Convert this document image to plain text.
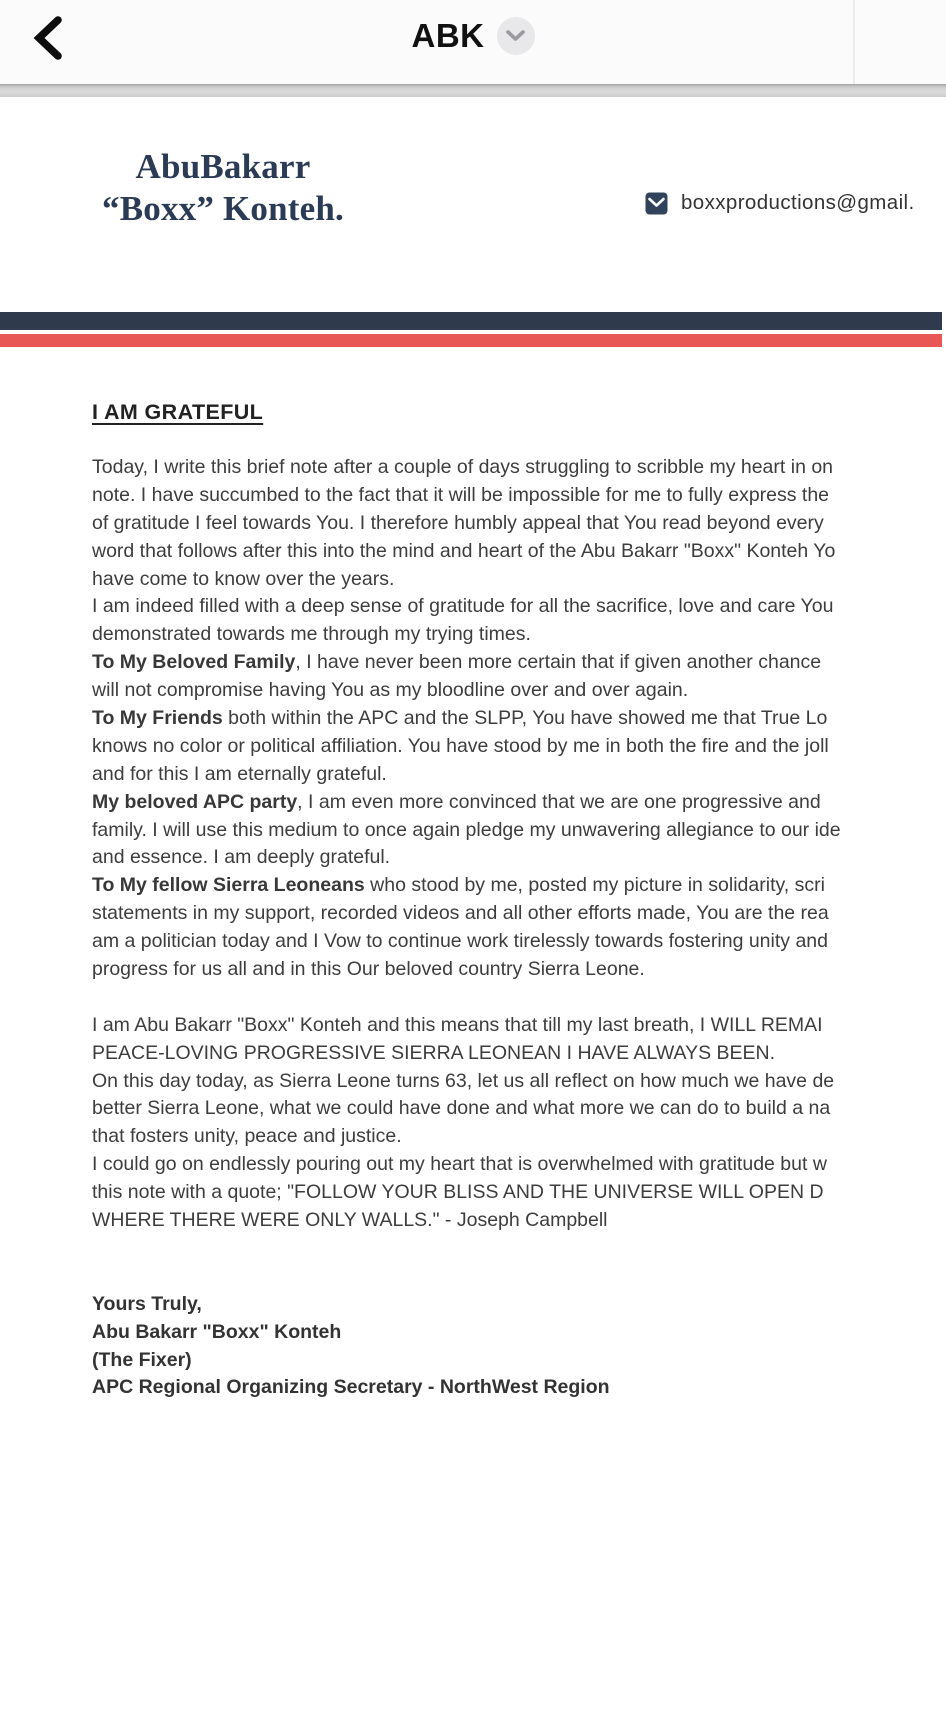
ABK
AbuBakarr
“Boxx” Konteh.	boxxproductions@gmail.
I AM GRATEFUL
Today, I write this brief note after a couple of days struggling to scribble my heart in on
note. I have succumbed to the fact that it will be impossible for me to fully express the
of gratitude I feel towards You. I therefore humbly appeal that You read beyond every
word that follows after this into the mind and heart of the Abu Bakarr "Boxx" Konteh Yo
have come to know over the years.
I am indeed filled with a deep sense of gratitude for all the sacrifice, love and care You
demonstrated towards me through my trying times.
To My Beloved Family, I have never been more certain that if given another chance
will not compromise having You as my bloodline over and over again.
To My Friends both within the APC and the SLPP, You have showed me that True Lo
knows no color or political affiliation. You have stood by me in both the fire and the joll
and for this I am eternally grateful.
My beloved APC party, I am even more convinced that we are one progressive and
family. I will use this medium to once again pledge my unwavering allegiance to our ide
and essence. I am deeply grateful.
To My fellow Sierra Leoneans who stood by me, posted my picture in solidarity, scri
statements in my support, recorded videos and all other efforts made, You are the rea
am a politician today and I Vow to continue work tirelessly towards fostering unity and
progress for us all and in this Our beloved country Sierra Leone.
I am Abu Bakarr "Boxx" Konteh and this means that till my last breath, I WILL REMAI
PEACE-LOVING PROGRESSIVE SIERRA LEONEAN I HAVE ALWAYS BEEN.
On this day today, as Sierra Leone turns 63, let us all reflect on how much we have de
better Sierra Leone, what we could have done and what more we can do to build a na
that fosters unity, peace and justice.
I could go on endlessly pouring out my heart that is overwhelmed with gratitude but w
this note with a quote; "FOLLOW YOUR BLISS AND THE UNIVERSE WILL OPEN D
WHERE THERE WERE ONLY WALLS." - Joseph Campbell
Yours Truly,
Abu Bakarr "Boxx" Konteh
(The Fixer)
APC Regional Organizing Secretary - NorthWest Region
